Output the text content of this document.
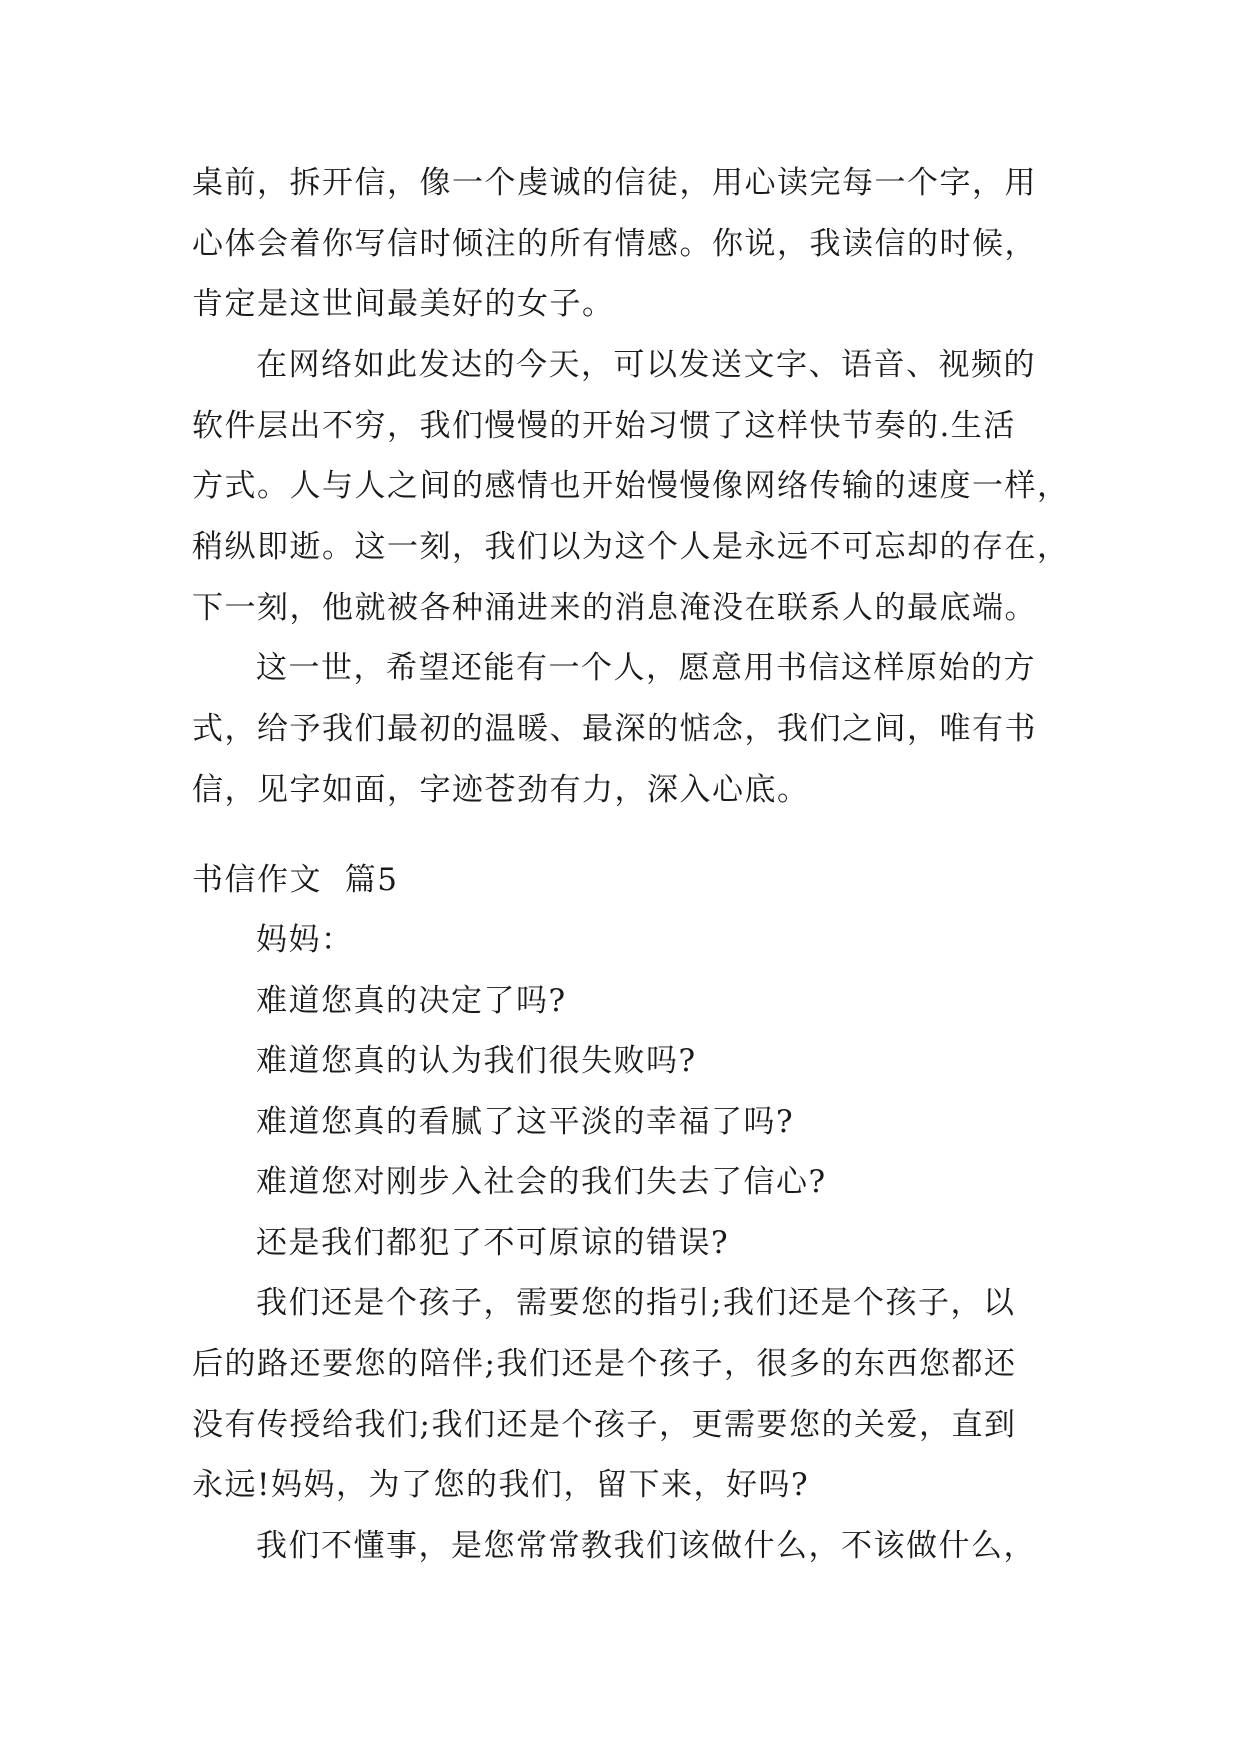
桌前，拆开信，像一个虔诚的信徒，用心读完每一个字，用
心体会着你写信时倾注的所有情感。你说，我读信的时候，
肯定是这世间最美好的女子。
在网络如此发达的今天，可以发送文字、语音、视频的
软件层出不穷，我们慢慢的开始习惯了这样快节奏的.生活
方式。人与人之间的感情也开始慢慢像网络传输的速度一样，
稍纵即逝。这一刻，我们以为这个人是永远不可忘却的存在，
下一刻，他就被各种涌进来的消息淹没在联系人的最底端。
这一世，希望还能有一个人，愿意用书信这样原始的方
式，给予我们最初的温暖、最深的惦念，我们之间，唯有书
信，见字如面，字迹苍劲有力，深入心底。
书信作文  篇5
妈妈：
难道您真的决定了吗?
难道您真的认为我们很失败吗?
难道您真的看腻了这平淡的幸福了吗?
难道您对刚步入社会的我们失去了信心?
还是我们都犯了不可原谅的错误?
我们还是个孩子，需要您的指引;我们还是个孩子，以
后的路还要您的陪伴;我们还是个孩子，很多的东西您都还
没有传授给我们;我们还是个孩子，更需要您的关爱，直到
永远!妈妈，为了您的我们，留下来，好吗?
我们不懂事，是您常常教我们该做什么，不该做什么，
